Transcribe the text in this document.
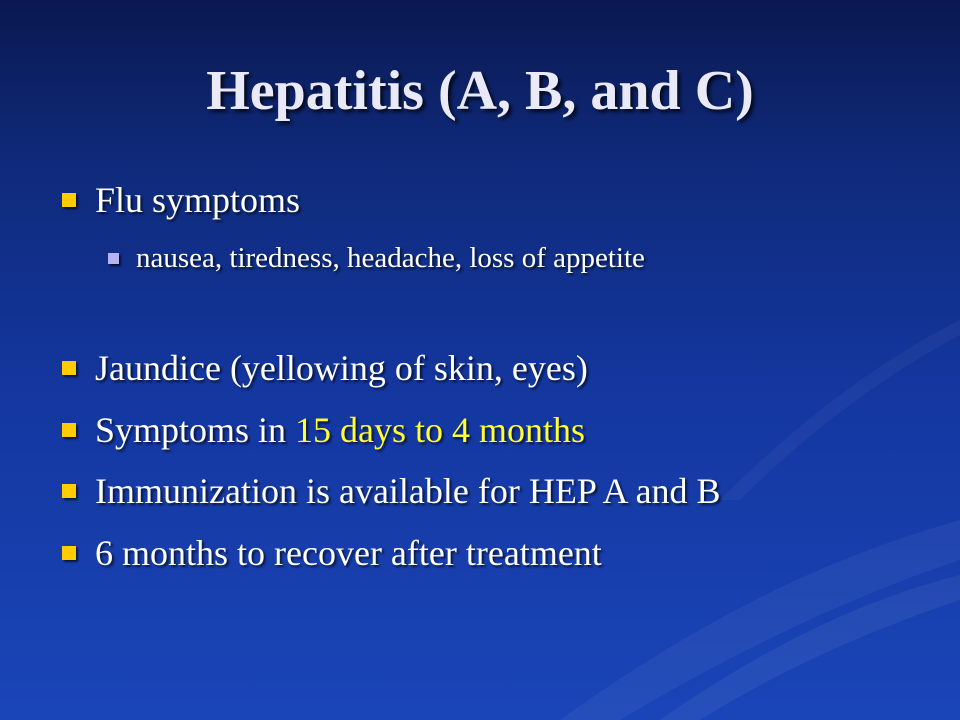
Hepatitis (A, B, and C)
Flu symptoms
nausea, tiredness, headache, loss of appetite
Jaundice (yellowing of skin, eyes)
Symptoms in 15 days to 4 months
Immunization is available for HEP A and B
6 months to recover after treatment
